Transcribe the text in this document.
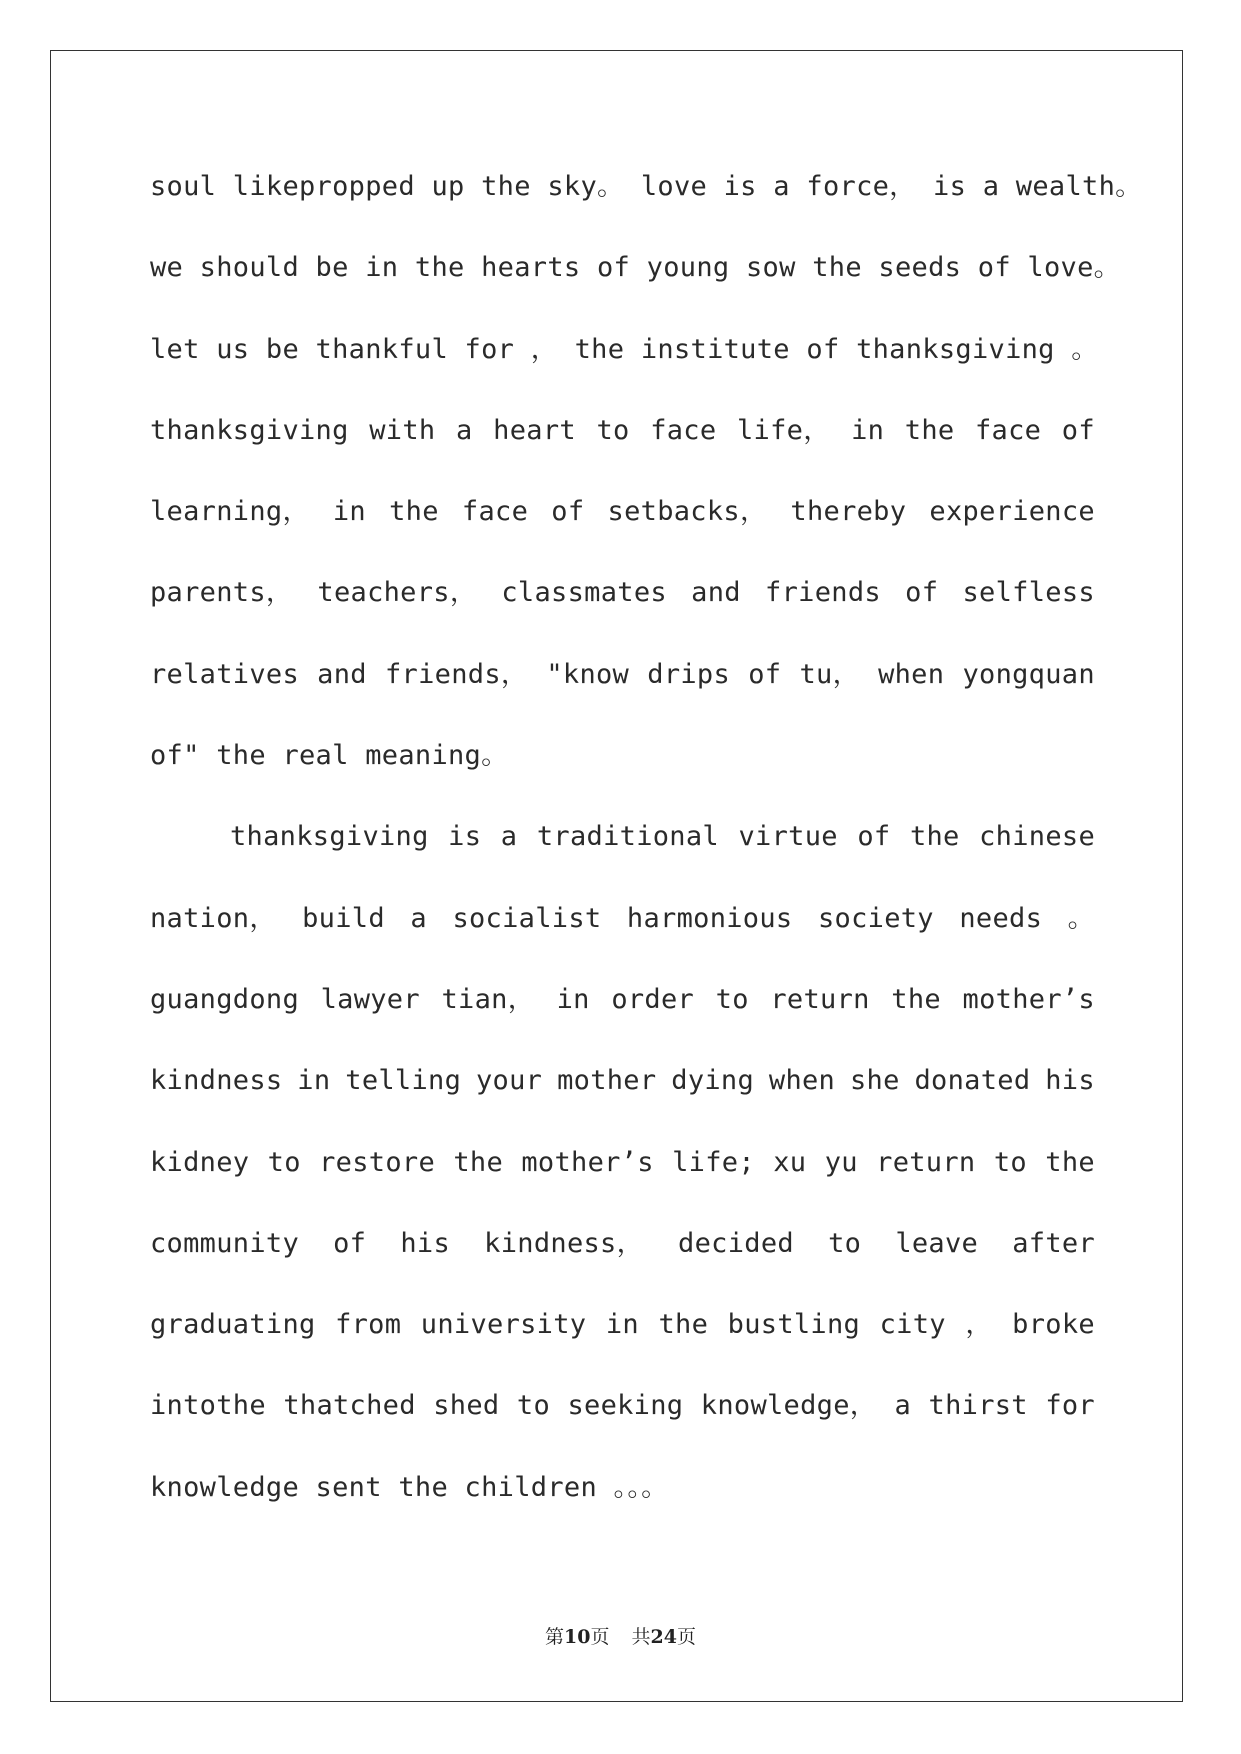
soul likepropped up the sky。 love is a force， is a wealth。
we should be in the hearts of young sow the seeds of love。
let us be thankful for ， the institute of thanksgiving 。
thanksgiving with a heart to face life， in the face of
learning， in the face of setbacks， thereby experience
parents， teachers， classmates and friends of selfless
relatives and friends， "know drips of tu， when yongquan
of" the real meaning。
thanksgiving is a traditional virtue of the chinese
nation， build a socialist harmonious society needs 。
guangdong lawyer tian， in order to return the mother’s
kindness in telling your mother dying when she donated his
kidney to restore the mother’s life; xu yu return to the
community of his kindness， decided to leave after
graduating from university in the bustling city ， broke
intothe thatched shed to seeking knowledge， a thirst for
knowledge sent the children 。。。
第10页 共24页
